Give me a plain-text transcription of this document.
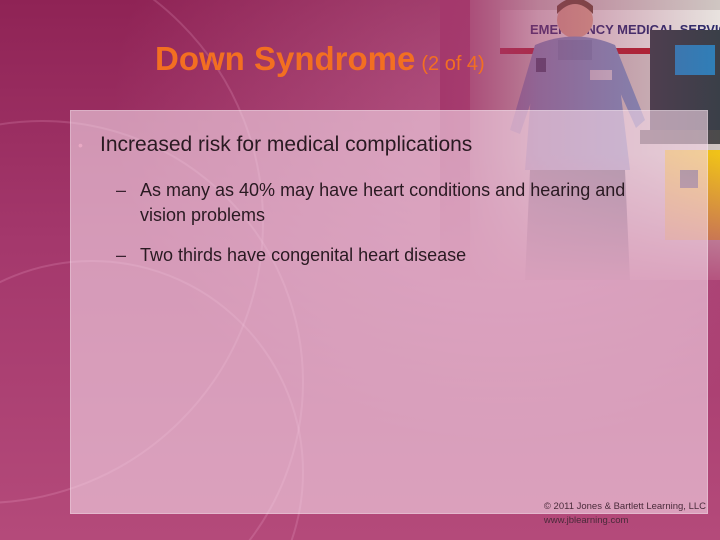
Down Syndrome (2 of 4)
• Increased risk for medical complications
– As many as 40% may have heart conditions and hearing and vision problems
– Two thirds have congenital heart disease
© 2011 Jones & Bartlett Learning, LLC
www.jblearning.com
